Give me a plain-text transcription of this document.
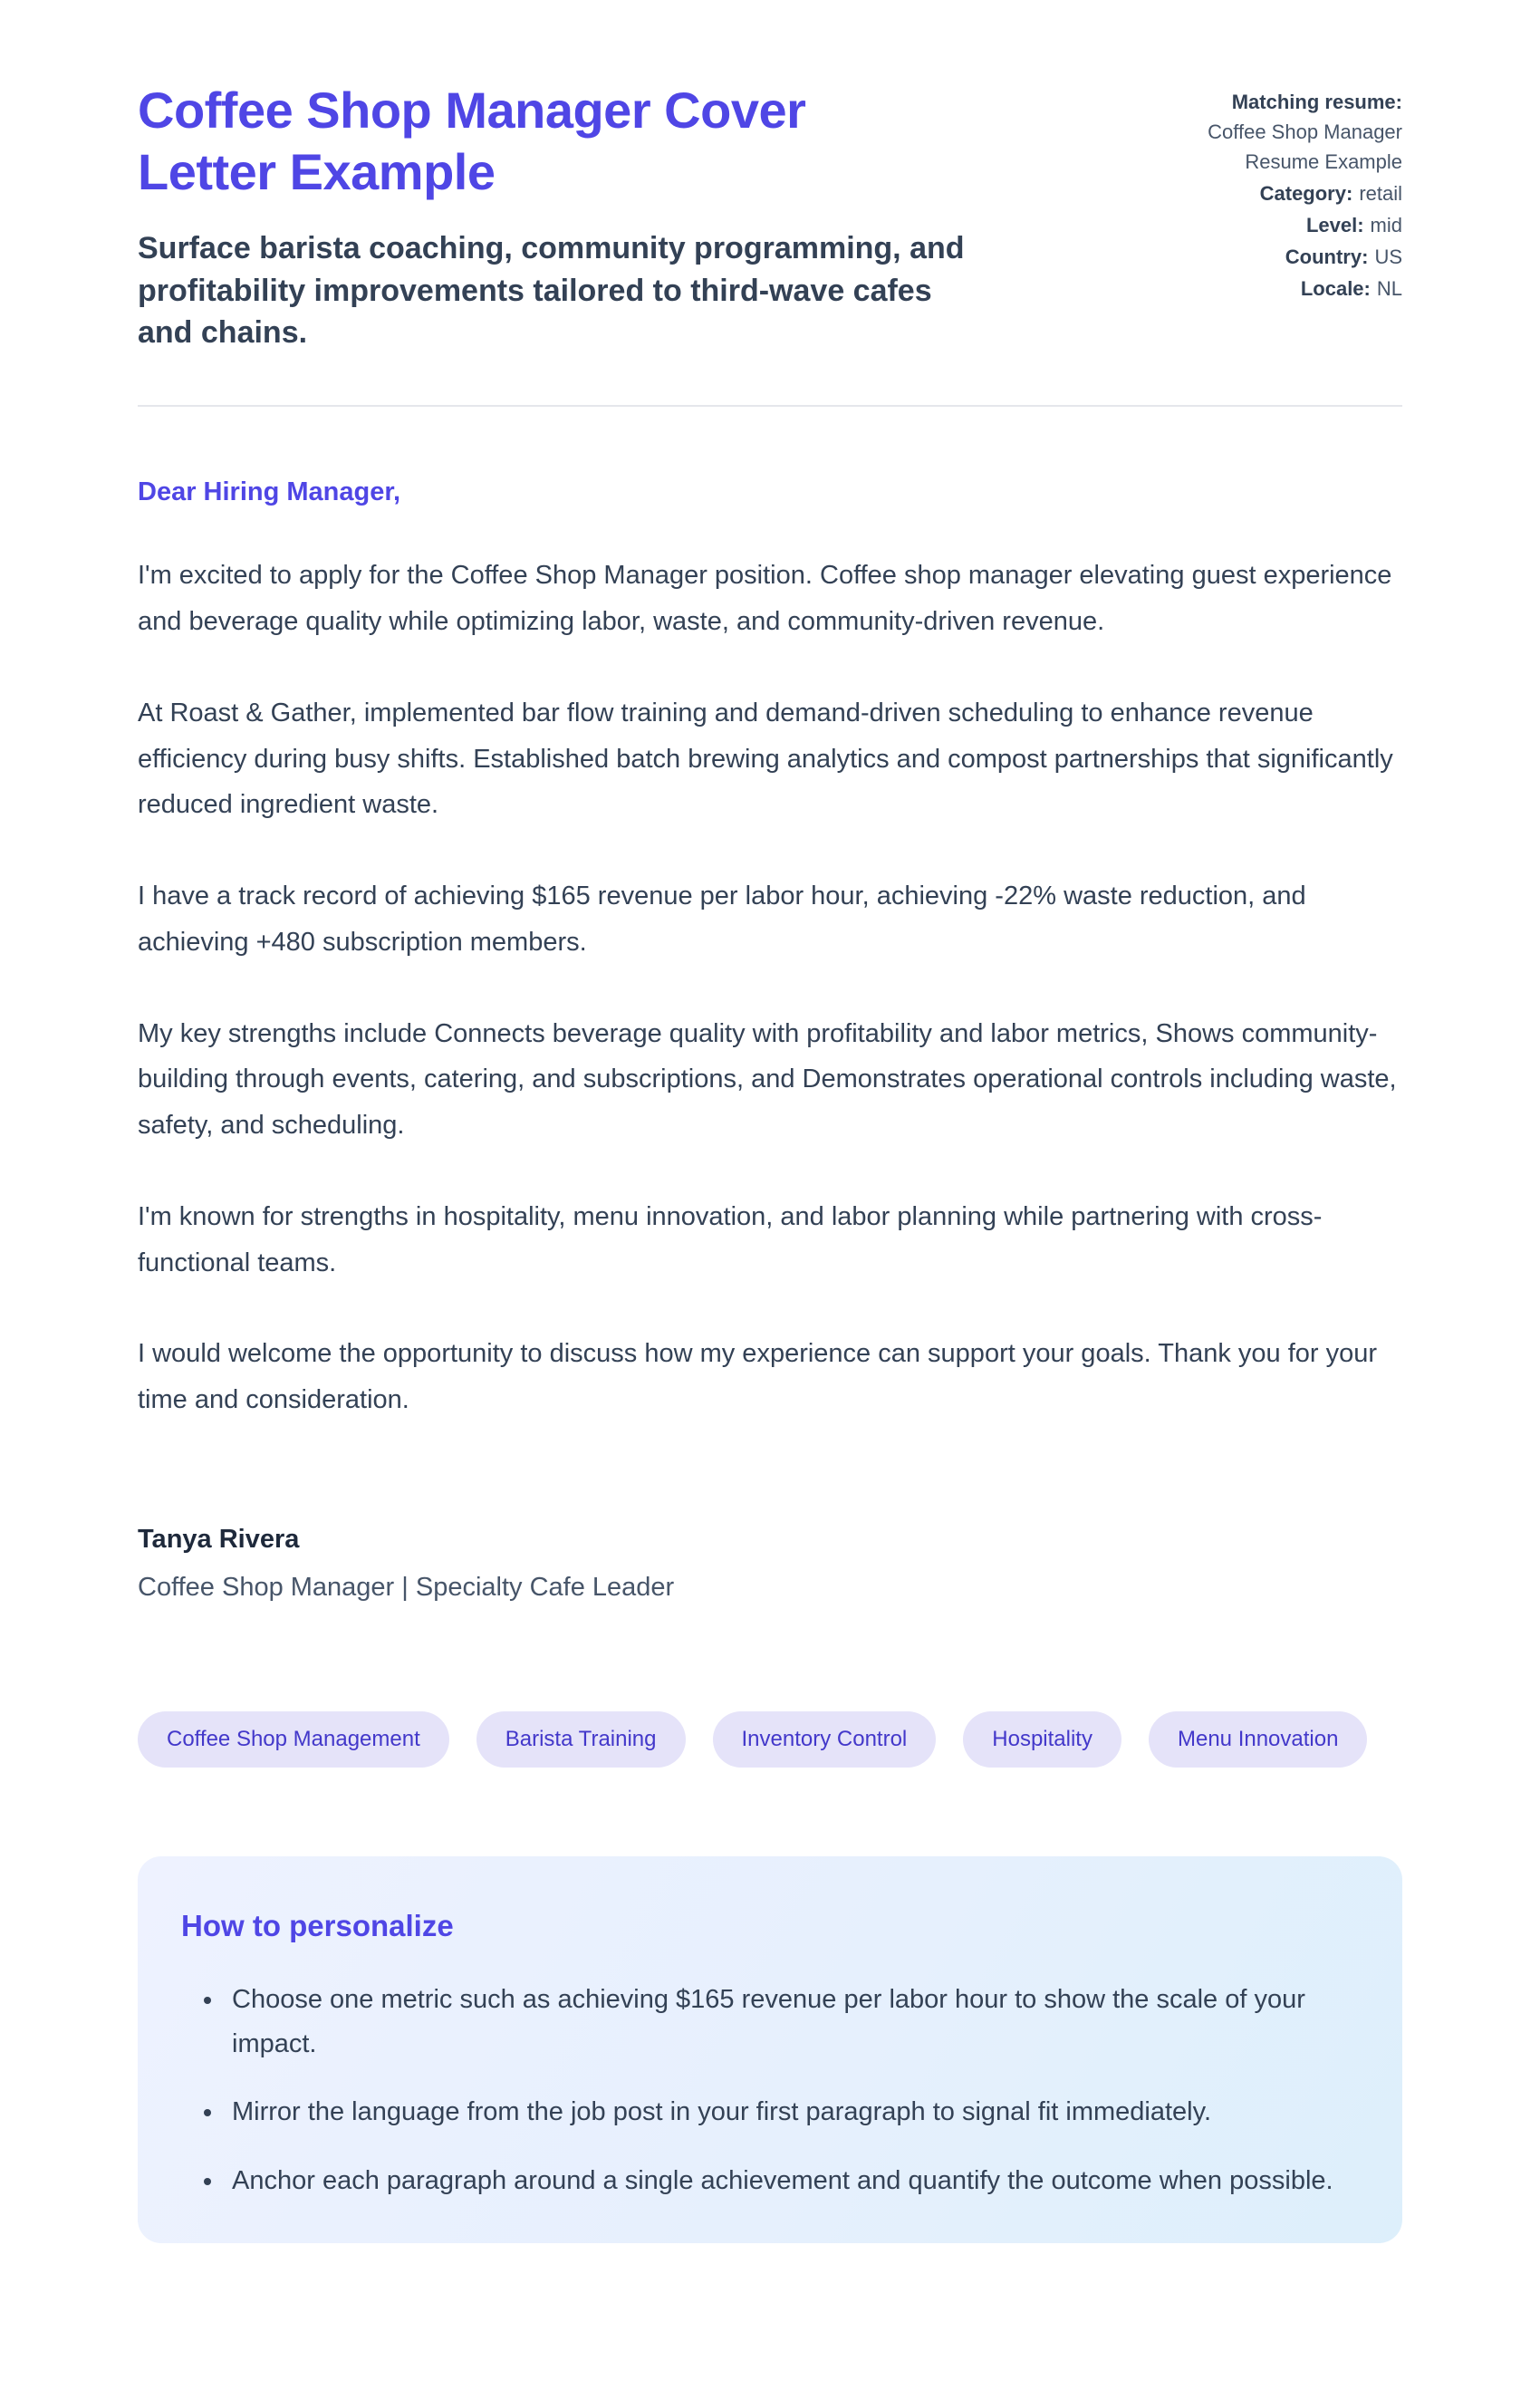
Coffee Shop Manager Cover Letter Example

Surface barista coaching, community programming, and profitability improvements tailored to third-wave cafes and chains.

Matching resume:
Coffee Shop Manager Resume Example
Category: retail
Level: mid
Country: US
Locale: NL

Dear Hiring Manager,

I'm excited to apply for the Coffee Shop Manager position. Coffee shop manager elevating guest experience and beverage quality while optimizing labor, waste, and community-driven revenue.

At Roast & Gather, implemented bar flow training and demand-driven scheduling to enhance revenue efficiency during busy shifts. Established batch brewing analytics and compost partnerships that significantly reduced ingredient waste.

I have a track record of achieving $165 revenue per labor hour, achieving -22% waste reduction, and achieving +480 subscription members.

My key strengths include Connects beverage quality with profitability and labor metrics, Shows community-building through events, catering, and subscriptions, and Demonstrates operational controls including waste, safety, and scheduling.

I'm known for strengths in hospitality, menu innovation, and labor planning while partnering with cross-functional teams.

I would welcome the opportunity to discuss how my experience can support your goals. Thank you for your time and consideration.

Tanya Rivera

Coffee Shop Manager | Specialty Cafe Leader

Coffee Shop Management	Barista Training	Inventory Control	Hospitality	Menu Innovation
How to personalize
• Choose one metric such as achieving $165 revenue per labor hour to show the scale of your impact.
• Mirror the language from the job post in your first paragraph to signal fit immediately.
• Anchor each paragraph around a single achievement and quantify the outcome when possible.
